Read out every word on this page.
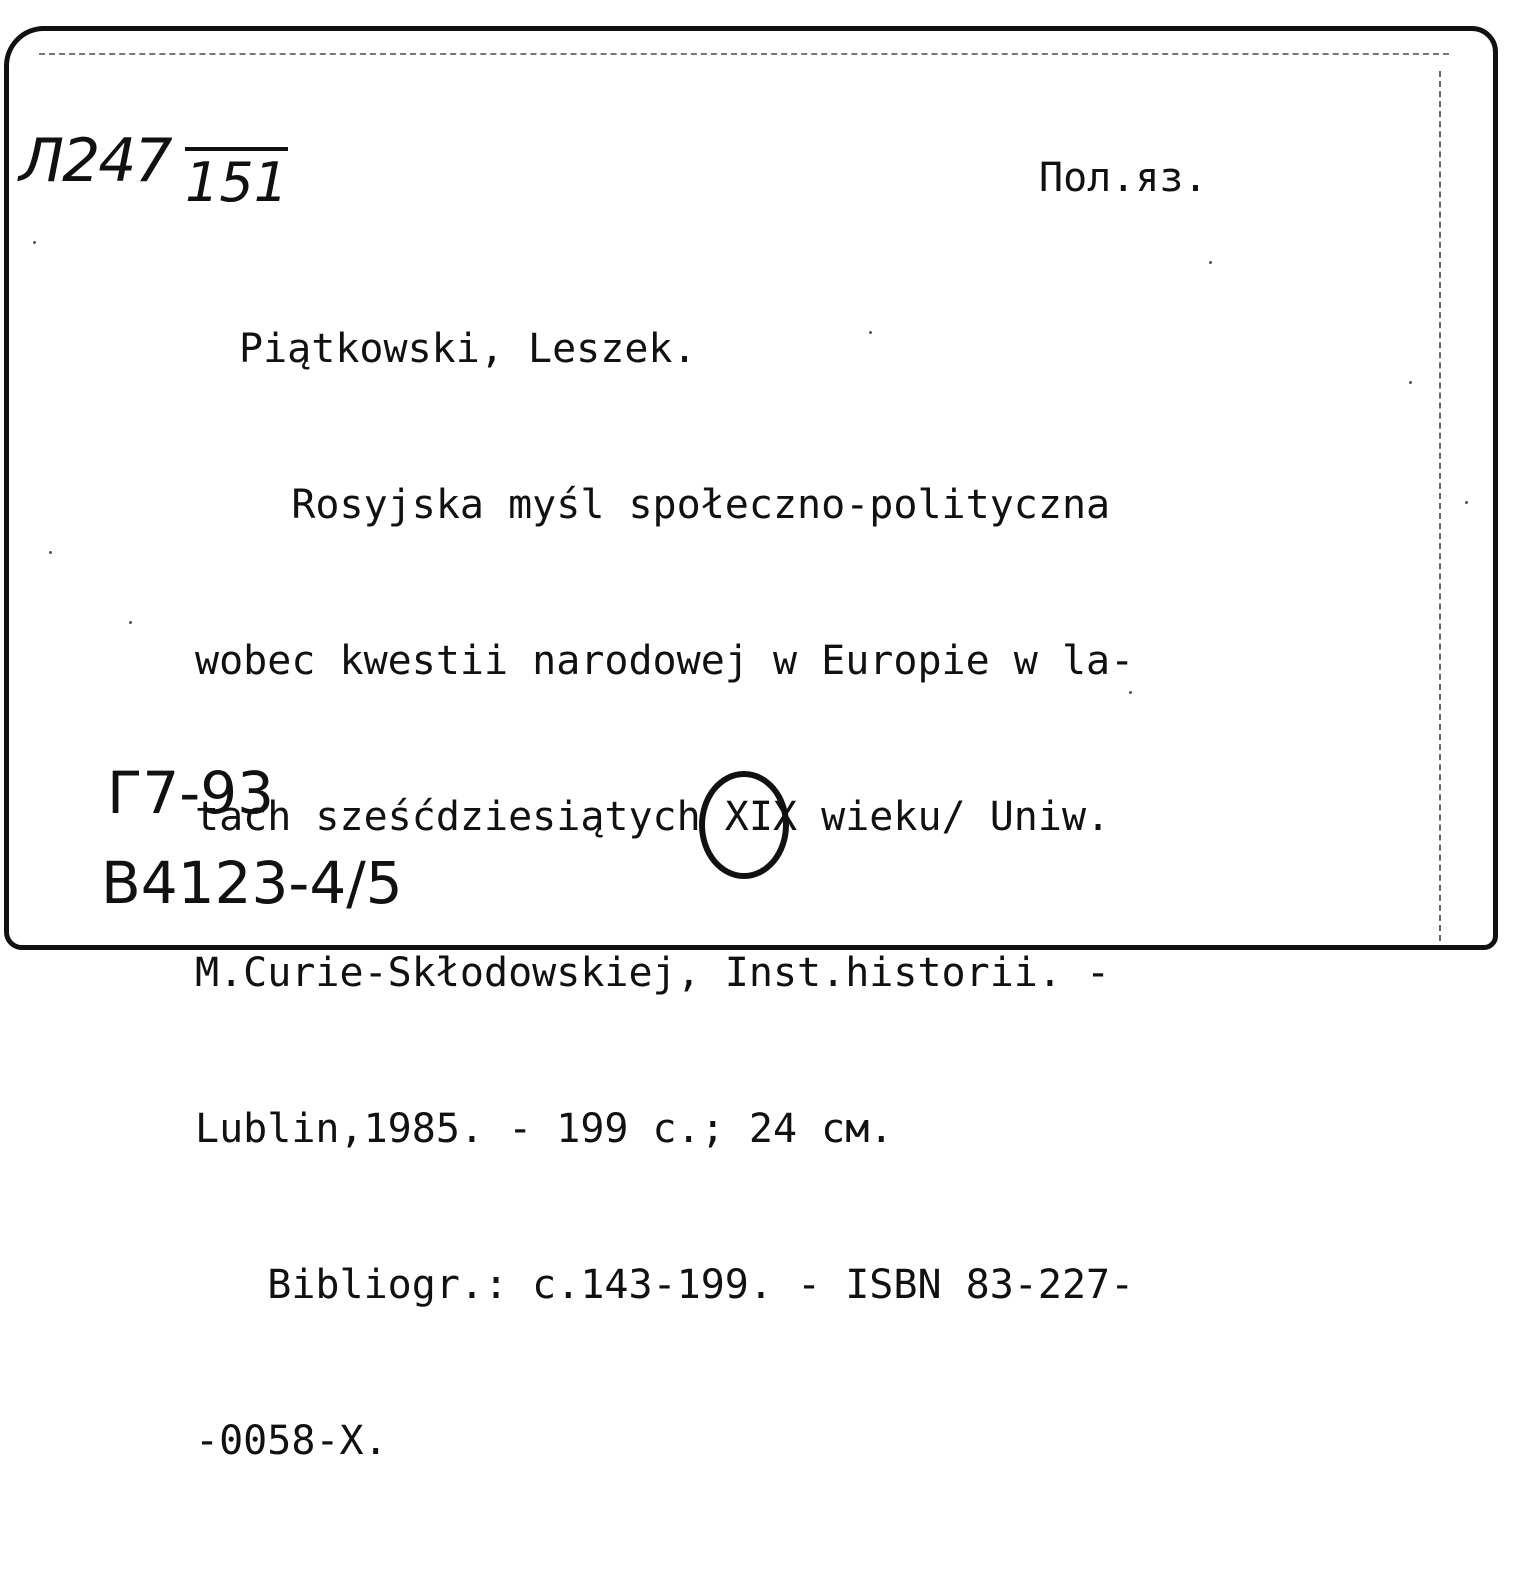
Л247 151	Пол.яз.

Piątkowski, Leszek.

Rosyjska myśl społeczno-polityczna

wobec kwestii narodowej w Europie w la-

tach sześćdziesiątych XIX wieku/ Uniw.

M.Curie-Skłodowskiej, Inst.historii. -

Lublin,1985. - 199 c.; 24 см.

Bibliogr.: c.143-199. - ISBN 83-227-

-0058-X.

Г7-93

B4123-4/5
